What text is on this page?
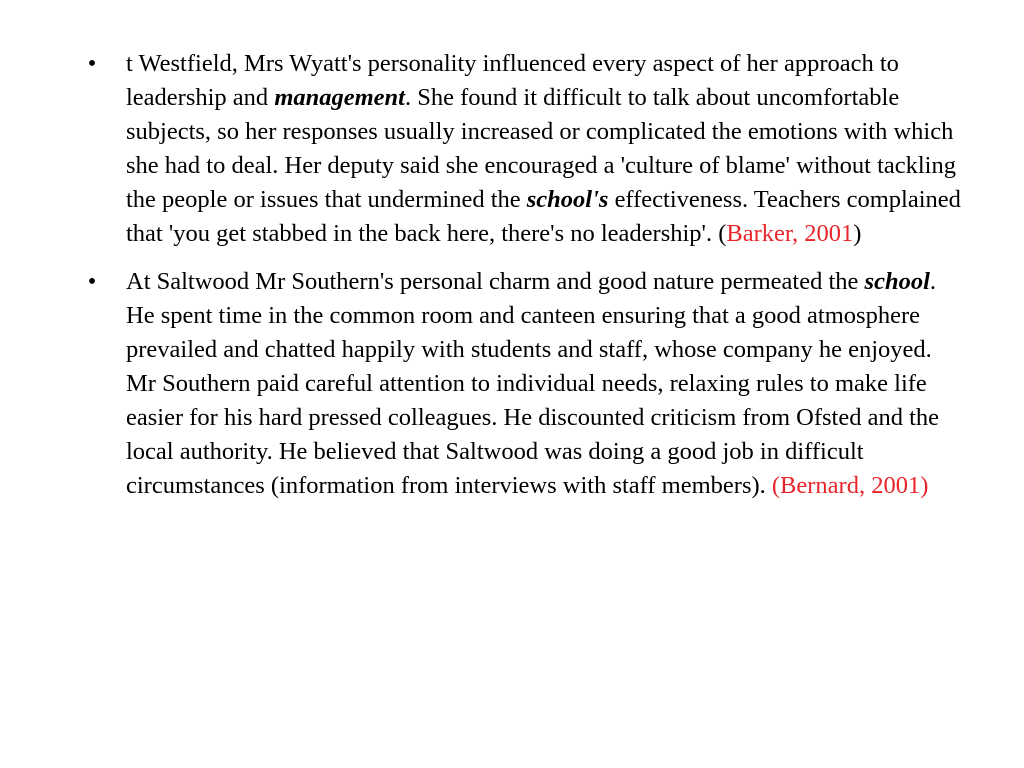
• t Westfield, Mrs Wyatt's personality influenced every aspect of her approach to leadership and management. She found it difficult to talk about uncomfortable subjects, so her responses usually increased or complicated the emotions with which she had to deal. Her deputy said she encouraged a 'culture of blame' without tackling the people or issues that undermined the school's effectiveness. Teachers complained that 'you get stabbed in the back here, there's no leadership'. (Barker, 2001)
• At Saltwood Mr Southern's personal charm and good nature permeated the school. He spent time in the common room and canteen ensuring that a good atmosphere prevailed and chatted happily with students and staff, whose company he enjoyed. Mr Southern paid careful attention to individual needs, relaxing rules to make life easier for his hard pressed colleagues. He discounted criticism from Ofsted and the local authority. He believed that Saltwood was doing a good job in difficult circumstances (information from interviews with staff members). (Bernard, 2001)
